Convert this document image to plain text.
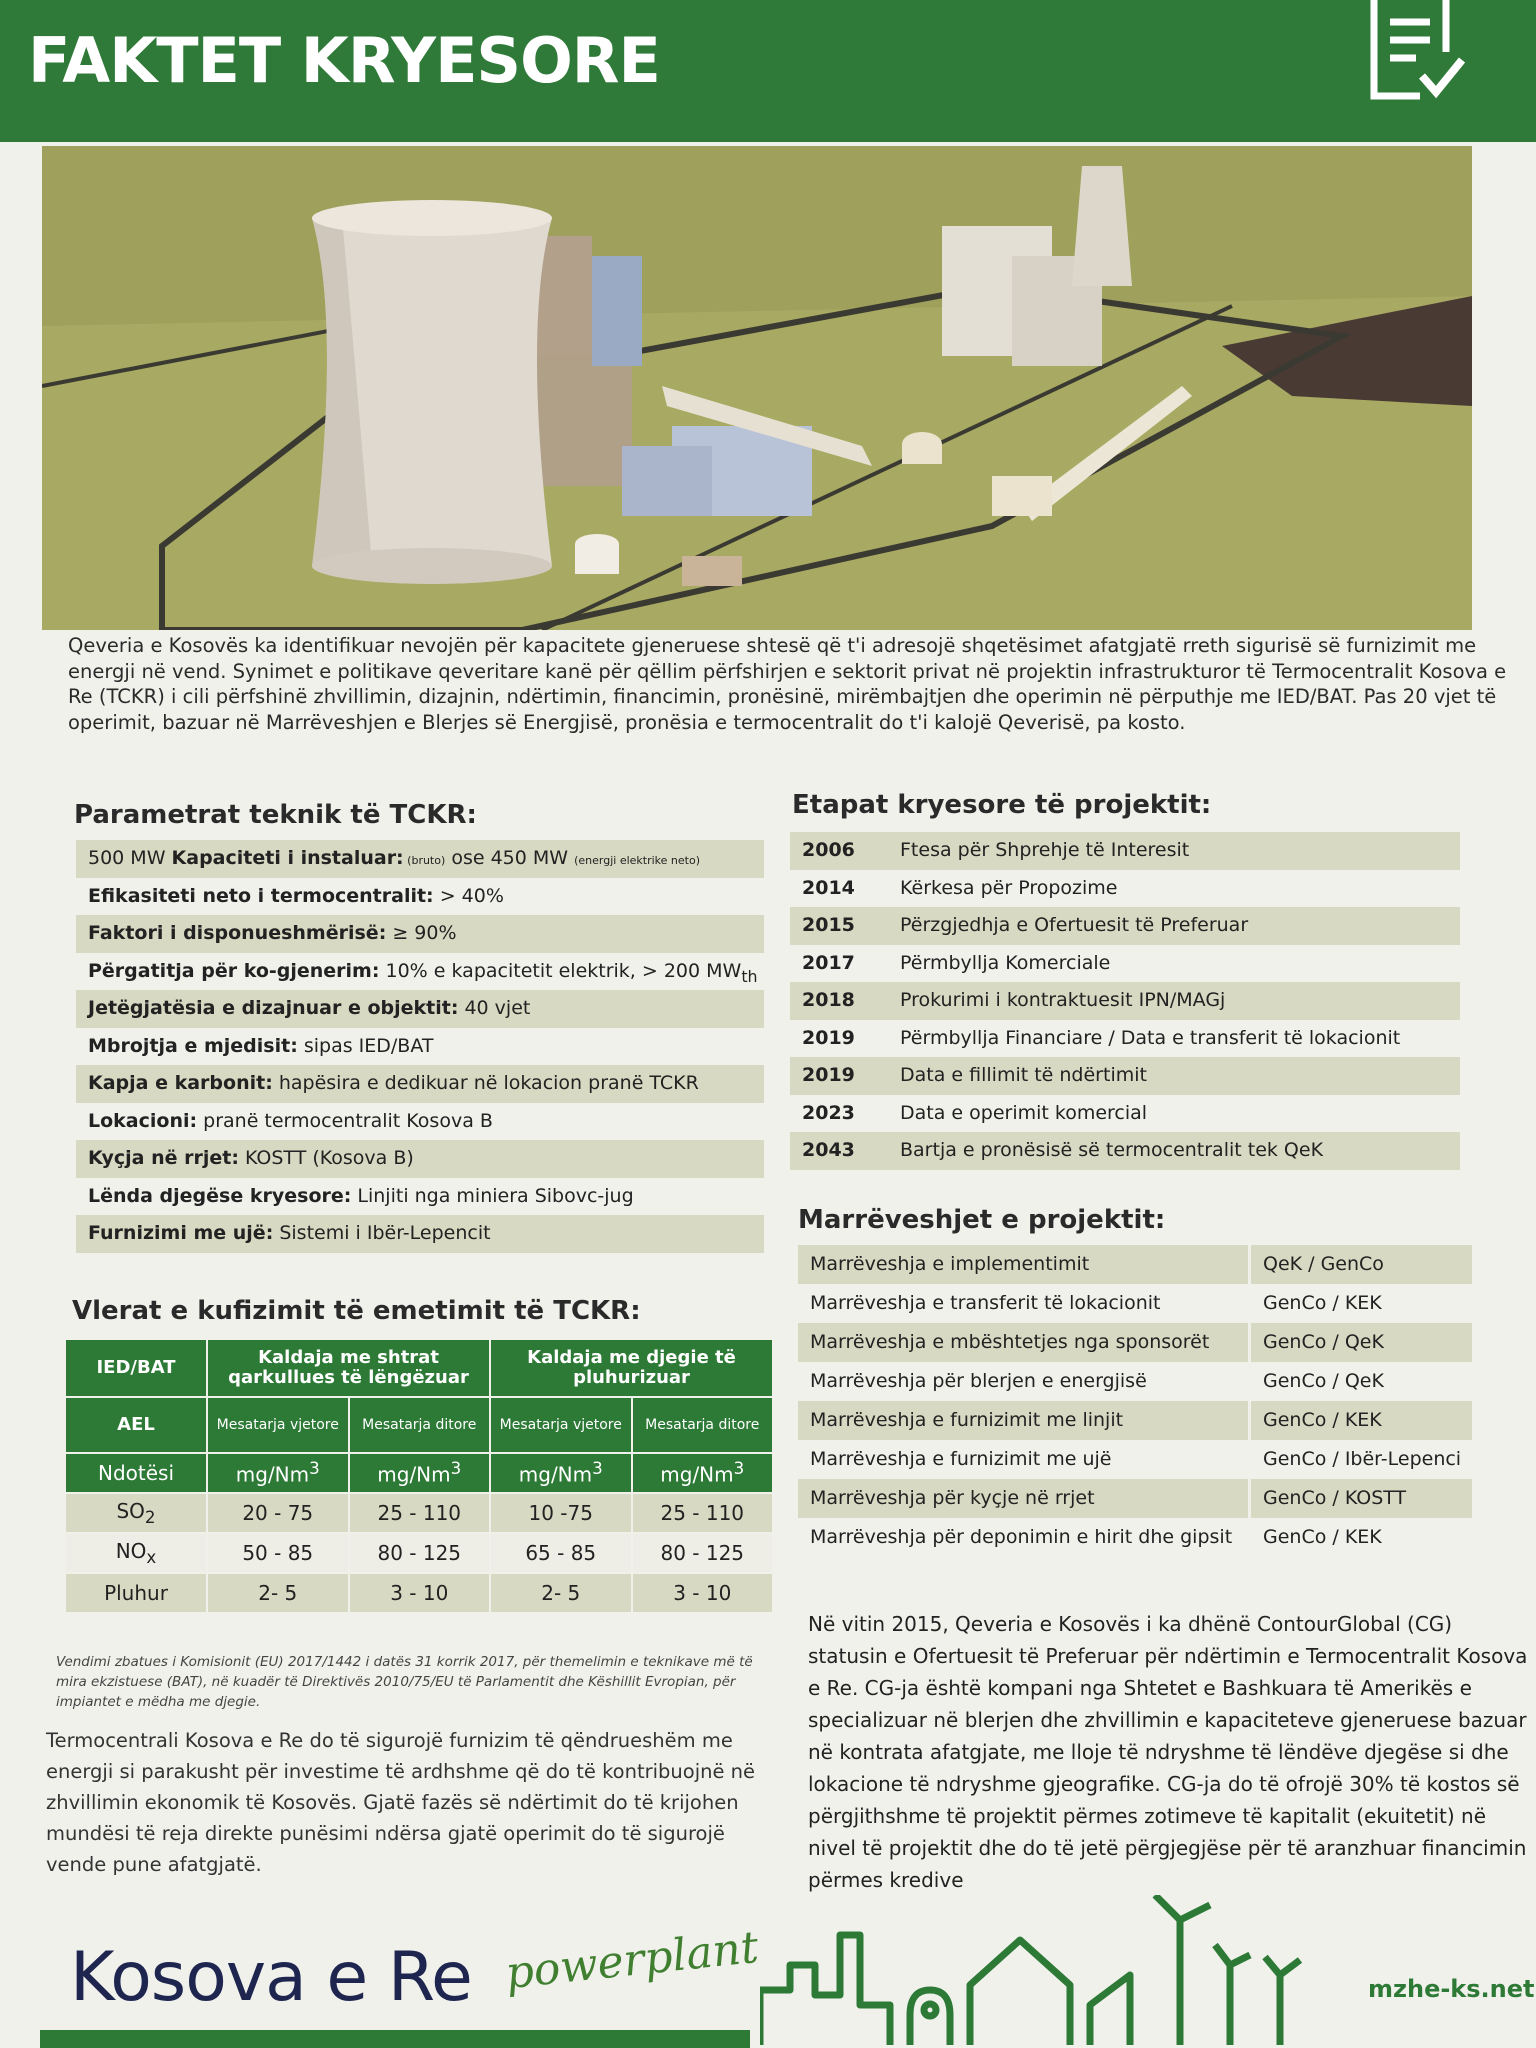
FAKTET KRYESORE

Qeveria e Kosovës ka identifikuar nevojën për kapacitete gjeneruese shtesë që t'i adresojë shqetësimet afatgjatë rreth sigurisë së furnizimit me energji në vend. Synimet e politikave qeveritare kanë për qëllim përfshirjen e sektorit privat në projektin infrastrukturor të Termocentralit Kosova e Re (TCKR) i cili përfshinë zhvillimin, dizajnin, ndërtimin, financimin, pronësinë, mirëmbajtjen dhe operimin në përputhje me IED/BAT. Pas 20 vjet të operimit, bazuar në Marrëveshjen e Blerjes së Energjisë, pronësia e termocentralit do t'i kalojë Qeverisë, pa kosto.

Parametrat teknik të TCKR:
500 MW Kapaciteti i instaluar: (bruto) ose 450 MW (energji elektrike neto)
Efikasiteti neto i termocentralit: > 40%
Faktori i disponueshmërisë: ≥ 90%
Përgatitja për ko-gjenerim: 10% e kapacitetit elektrik, > 200 $MW_{th}$
Jetëgjatësia e dizajnuar e objektit: 40 vjet
Mbrojtja e mjedisit: sipas IED/BAT
Kapja e karbonit: hapësira e dedikuar në lokacion pranë TCKR
Lokacioni: pranë termocentralit Kosova B
Kyçja në rrjet: KOSTT (Kosova B)
Lënda djegëse kryesore: Linjiti nga miniera Sibovc-jug
Furnizimi me ujë: Sistemi i Ibër-Lepencit
Etapat kryesore të projektit:
2006	Ftesa për Shprehje të Interesit
2014	Kërkesa për Propozime
2015	Përzgjedhja e Ofertuesit të Preferuar
2017	Përmbyllja Komerciale
2018	Prokurimi i kontraktuesit IPN/MAGj
2019	Përmbyllja Financiare / Data e transferit të lokacionit
2019	Data e fillimit të ndërtimit
2023	Data e operimit komercial
2043	Bartja e pronësisë së termocentralit tek QeK
Marrëveshjet e projektit:
Marrëveshja e implementimit	QeK / GenCo
Marrëveshja e transferit të lokacionit	GenCo / KEK
Marrëveshja e mbështetjes nga sponsorët	GenCo / QeK
Marrëveshja për blerjen e energjisë	GenCo / QeK
Marrëveshja e furnizimit me linjit	GenCo / KEK
Marrëveshja e furnizimit me ujë	GenCo / Ibër-Lepenci
Marrëveshja për kyçje në rrjet	GenCo / KOSTT
Marrëveshja për deponimin e hirit dhe gipsit	GenCo / KEK
Vlerat e kufizimit të emetimit të TCKR:
IED/BAT	Kaldaja me shtrat qarkullues të lëngëzuar		Kaldaja me djegie të pluhurizuar	
AEL	Mesatarja vjetore	Mesatarja ditore	Mesatarja vjetore	Mesatarja ditore
Ndotësi	mg/Nm$^3$	mg/Nm$^3$	mg/Nm$^3$	mg/Nm$^3$
$SO_2$	20 - 75	25 - 110	10 -75	25 - 110
$NO_x$	50 - 85	80 - 125	65 - 85	80 - 125
Pluhur	2- 5	3 - 10	2- 5	3 - 10

Vendimi zbatues i Komisionit (EU) 2017/1442 i datës 31 korrik 2017, për themelimin e teknikave më të mira ekzistuese (BAT), në kuadër të Direktivës 2010/75/EU të Parlamentit dhe Këshillit Evropian, për impiantet e mëdha me djegie.

Termocentrali Kosova e Re do të sigurojë furnizim të qëndrueshëm me energji si parakusht për investime të ardhshme që do të kontribuojnë në zhvillimin ekonomik të Kosovës. Gjatë fazës së ndërtimit do të krijohen mundësi të reja direkte punësimi ndërsa gjatë operimit do të sigurojë vende pune afatgjatë.

Në vitin 2015, Qeveria e Kosovës i ka dhënë ContourGlobal (CG) statusin e Ofertuesit të Preferuar për ndërtimin e Termocentralit Kosova e Re. CG-ja është kompani nga Shtetet e Bashkuara të Amerikës e specializuar në blerjen dhe zhvillimin e kapaciteteve gjeneruese bazuar në kontrata afatgjate, me lloje të ndryshme të lëndëve djegëse si dhe lokacione të ndryshme gjeografike. CG-ja do të ofrojë 30% të kostos së përgjithshme të projektit përmes zotimeve të kapitalit (ekuitetit) në nivel të projektit dhe do të jetë përgjegjëse për të aranzhuar financimin përmes kredive

Kosova e Re powerplant	mzhe-ks.net
